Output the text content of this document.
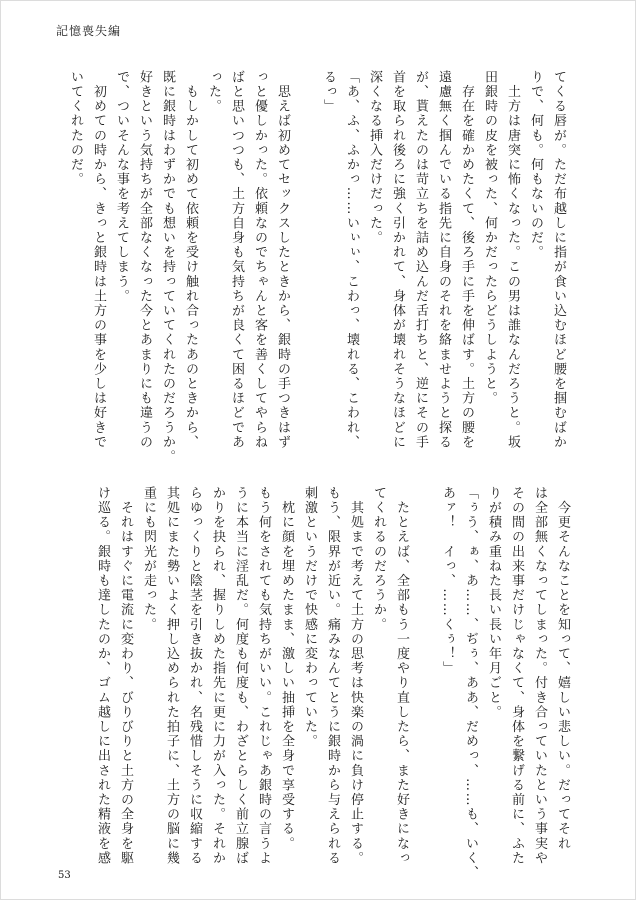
記憶喪失編
てくる唇が。ただ布越しに指が食い込むほど腰を掴むばか
りで、何も。何もないのだ。
　土方は唐突に怖くなった。この男は誰なんだろうと。坂
田銀時の皮を被った、何かだったらどうしようと。
　存在を確かめたくて、後ろ手に手を伸ばす。土方の腰を
遠慮無く掴んでいる指先に自身のそれを絡ませようと探る
が、貰えたのは苛立ちを詰め込んだ舌打ちと、逆にその手
首を取られ後ろに強く引かれて、身体が壊れそうなほどに
深くなる挿入だけだった。
「あ、ふ、ふかっ……いぃぃ、こわっ、壊れる、こわれ、
るっ」

　思えば初めてセックスしたときから、銀時の手つきはず
っと優しかった。依頼なのでちゃんと客を善くしてやらね
ばと思いつつも、土方自身も気持ちが良くて困るほどであ
った。
　もしかして初めて依頼を受け触れ合ったあのときから、
既に銀時はわずかでも想いを持っていてくれたのだろうか。
好きという気持ちが全部なくなった今とあまりにも違うの
で、ついそんな事を考えてしまう。
　初めての時から、きっと銀時は土方の事を少しは好きで
いてくれたのだ。
　今更そんなことを知って、嬉しい悲しい。だってそれ
は全部無くなってしまった。付き合っていたという事実や
その間の出来事だけじゃなくて、身体を繋げる前に、ふた
りが積み重ねた長い長い年月ごと。
「ぅう、ぁ、あ……、ぢぅ、ああ、だめっ、……も、いく、
あァ！　イっ、……くぅ！」

　たとえば、全部もう一度やり直したら、また好きになっ
てくれるのだろうか。
　其処まで考えて土方の思考は快楽の渦に負け停止する。
もう、限界が近い。痛みなんてとうに銀時から与えられる
刺激というだけで快感に変わっていた。
　枕に顔を埋めたまま、激しい抽挿を全身で享受する。
もう何をされても気持ちがいい。これじゃあ銀時の言うよ
うに本当に淫乱だ。何度も何度も、わざとらしく前立腺ば
かりを抉られ、握りしめた指先に更に力が入った。それか
らゆっくりと陰茎を引き抜かれ、名残惜しそうに収縮する
其処にまた勢いよく押し込められた拍子に、土方の脳に幾
重にも閃光が走った。
　それはすぐに電流に変わり、びりびりと土方の全身を駆
け巡る。銀時も達したのか、ゴム越しに出された精液を感
53
